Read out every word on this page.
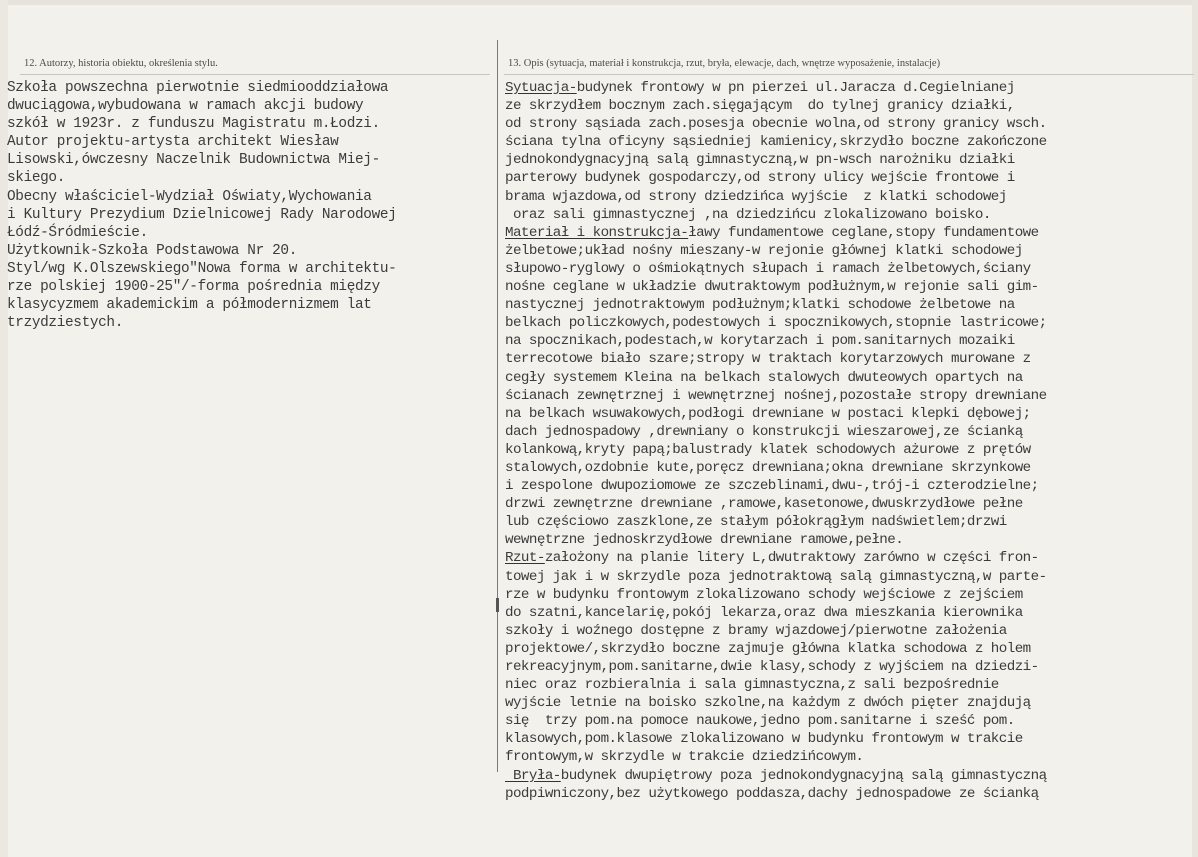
12. Autorzy, historia obiektu, określenia stylu.	13. Opis (sytuacja, materiał i konstrukcja, rzut, bryła, elewacje, dach, wnętrze wyposażenie, instalacje)
Szkoła powszechna pierwotnie siedmiooddziałowa
dwuciągowa,wybudowana w ramach akcji budowy
szkół w 1923r. z funduszu Magistratu m.Łodzi.
Autor projektu-artysta architekt Wiesław
Lisowski,ówczesny Naczelnik Budownictwa Miej-
skiego.
Obecny właściciel-Wydział Oświaty,Wychowania
i Kultury Prezydium Dzielnicowej Rady Narodowej
Łódź-Śródmieście.
Użytkownik-Szkoła Podstawowa Nr 20.
Styl/wg K.Olszewskiego"Nowa forma w architektu-
rze polskiej 1900-25"/-forma pośrednia między
klasycyzmem akademickim a półmodernizmem lat
trzydziestych.
Sytuacja-budynek frontowy w pn pierzei ul.Jaracza d.Cegielnianej
ze skrzydłem bocznym zach.sięgającym  do tylnej granicy działki,
od strony sąsiada zach.posesja obecnie wolna,od strony granicy wsch.
ściana tylna oficyny sąsiedniej kamienicy,skrzydło boczne zakończone
jednokondygnacyjną salą gimnastyczną,w pn-wsch narożniku działki
parterowy budynek gospodarczy,od strony ulicy wejście frontowe i
brama wjazdowa,od strony dziedzińca wyjście  z klatki schodowej
oraz sali gimnastycznej ,na dziedzińcu zlokalizowano boisko.
Materiał i konstrukcja-ławy fundamentowe ceglane,stopy fundamentowe
żelbetowe;układ nośny mieszany-w rejonie głównej klatki schodowej
słupowo-ryglowy o ośmiokątnych słupach i ramach żelbetowych,ściany
nośne ceglane w układzie dwutraktowym podłużnym,w rejonie sali gim-
nastycznej jednotraktowym podłużnym;klatki schodowe żelbetowe na
belkach policzkowych,podestowych i spocznikowych,stopnie lastricowe;
na spocznikach,podestach,w korytarzach i pom.sanitarnych mozaiki
terrecotowe biało szare;stropy w traktach korytarzowych murowane z
cegły systemem Kleina na belkach stalowych dwuteowych opartych na
ścianach zewnętrznej i wewnętrznej nośnej,pozostałe stropy drewniane
na belkach wsuwakowych,podłogi drewniane w postaci klepki dębowej;
dach jednospadowy ,drewniany o konstrukcji wieszarowej,ze ścianką
kolankową,kryty papą;balustrady klatek schodowych ażurowe z prętów
stalowych,ozdobnie kute,poręcz drewniana;okna drewniane skrzynkowe
i zespolone dwupoziomowe ze szczeblinami,dwu-,trój-i czterodzielne;
drzwi zewnętrzne drewniane ,ramowe,kasetonowe,dwuskrzydłowe pełne
lub częściowo zaszklone,ze stałym półokrągłym nadświetlem;drzwi
wewnętrzne jednoskrzydłowe drewniane ramowe,pełne.
Rzut-założony na planie litery L,dwutraktowy zarówno w części fron-
towej jak i w skrzydle poza jednotraktową salą gimnastyczną,w parte-
rze w budynku frontowym zlokalizowano schody wejściowe z zejściem
do szatni,kancelarię,pokój lekarza,oraz dwa mieszkania kierownika
szkoły i woźnego dostępne z bramy wjazdowej/pierwotne założenia
projektowe/,skrzydło boczne zajmuje główna klatka schodowa z holem
rekreacyjnym,pom.sanitarne,dwie klasy,schody z wyjściem na dziedzi-
niec oraz rozbieralnia i sala gimnastyczna,z sali bezpośrednie
wyjście letnie na boisko szkolne,na każdym z dwóch pięter znajdują
się  trzy pom.na pomoce naukowe,jedno pom.sanitarne i sześć pom.
klasowych,pom.klasowe zlokalizowano w budynku frontowym w trakcie
frontowym,w skrzydle w trakcie dziedzińcowym.
Bryła-budynek dwupiętrowy poza jednokondygnacyjną salą gimnastyczną
podpiwniczony,bez użytkowego poddasza,dachy jednospadowe ze ścianką
